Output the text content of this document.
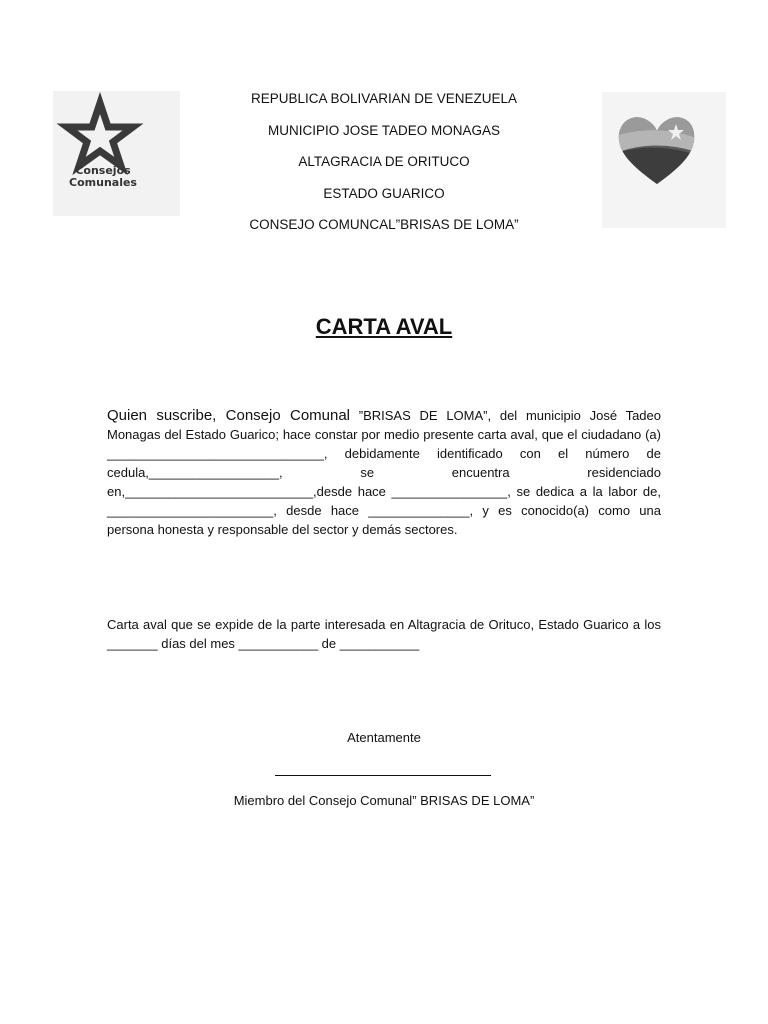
Consejos
Comunales
REPUBLICA BOLIVARIAN DE VENEZUELA
MUNICIPIO JOSE TADEO MONAGAS
ALTAGRACIA DE ORITUCO
ESTADO GUARICO
CONSEJO COMUNCAL”BRISAS DE LOMA”
CARTA AVAL
Quien suscribe, Consejo Comunal ”BRISAS DE LOMA”, del municipio José Tadeo Monagas del Estado Guarico; hace constar por medio presente carta aval, que el ciudadano (a) ______________________________, debidamente identificado con el número de cedula,__________________, se encuentra residenciado en,__________________________,desde hace ________________, se dedica a la labor de, _______________________, desde hace ______________, y es conocido(a) como una persona honesta y responsable del sector y demás sectores.
Carta aval que se expide de la parte interesada en Altagracia de Orituco, Estado Guarico a los _______ días del mes ___________ de ___________
Atentamente
Miembro del Consejo Comunal” BRISAS DE LOMA”
